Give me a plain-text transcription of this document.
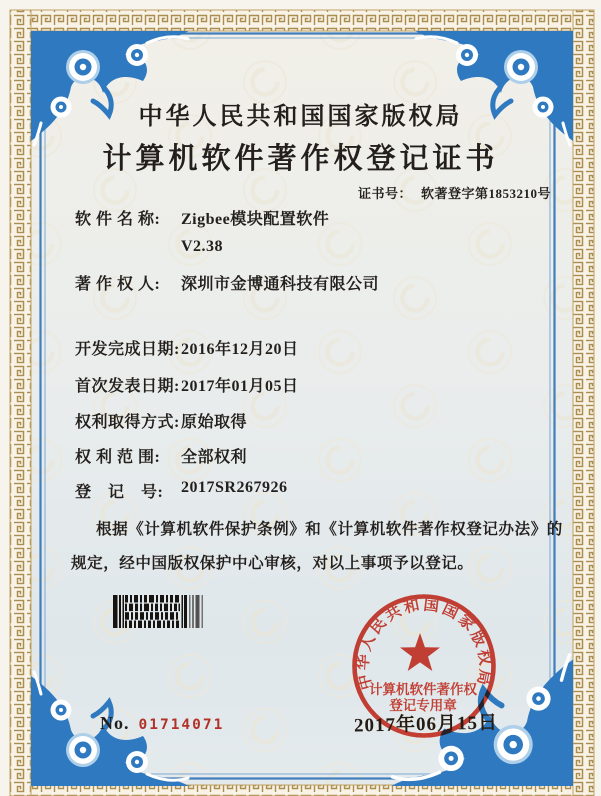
中华人民共和国国家版权局
计算机软件著作权登记证书
证书号： 软著登字第1853210号
软 件 名 称: Zigbee模块配置软件
V2.38
著 作 权 人: 深圳市金博通科技有限公司
开发完成日期:2016年12月20日
首次发表日期:2017年01月05日
权利取得方式:原始取得
权 利 范 围: 全部权利
登　记　号: 2017SR267926
根据《计算机软件保护条例》和《计算机软件著作权登记办法》的
规定，经中国版权保护中心审核，对以上事项予以登记。
中华人民共和国国家版权局
计算机软件著作权
登记专用章
2017年06月15日
No. 01714071
